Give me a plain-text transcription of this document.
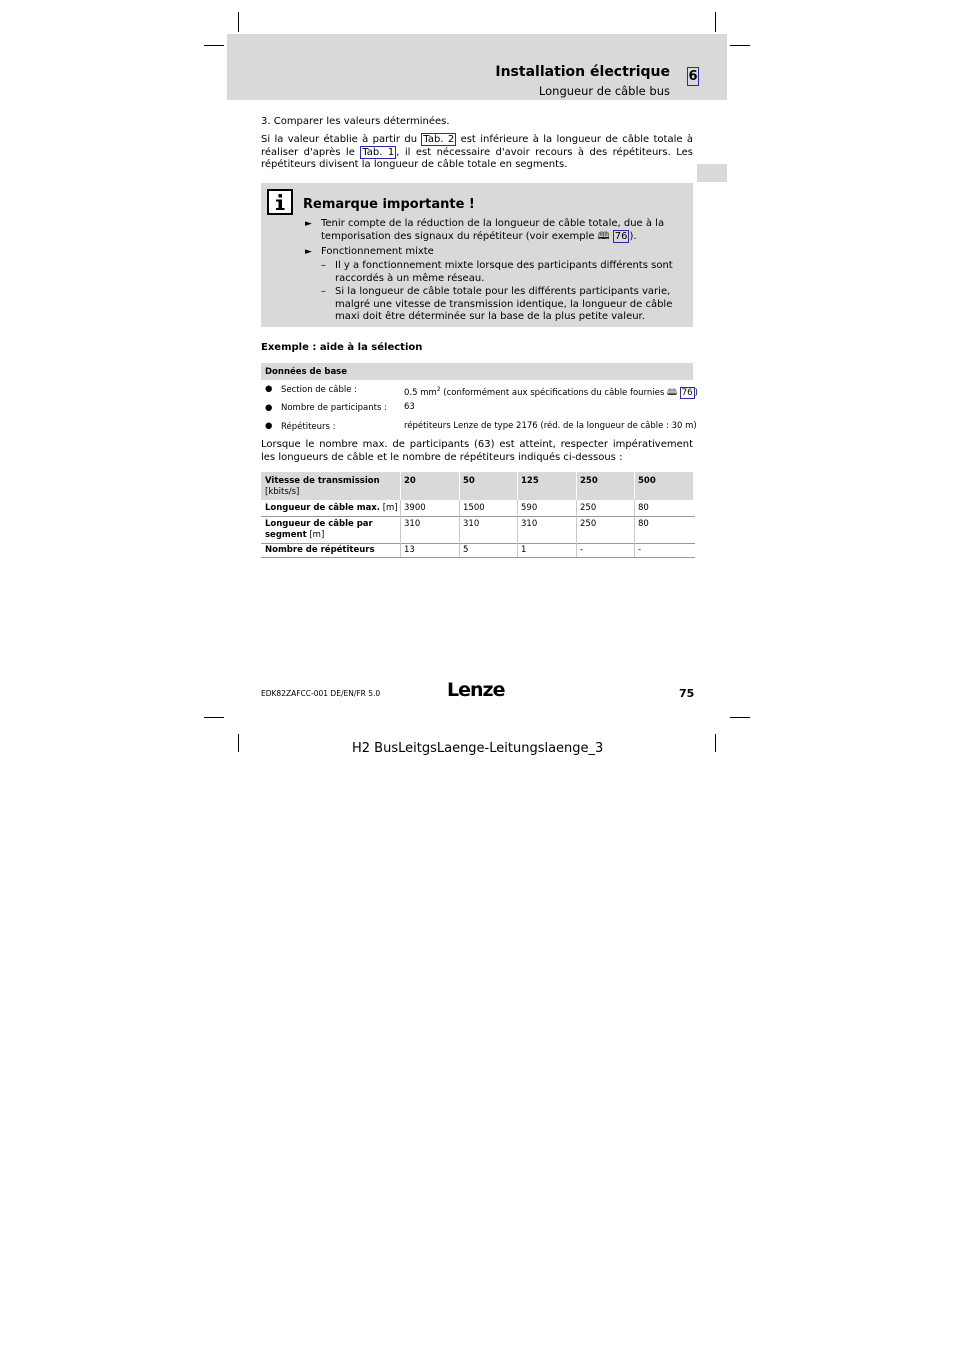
Installation électrique
Longueur de câble bus
6
3. Comparer les valeurs déterminées.
Si la valeur établie à partir du Tab. 2 est inférieure à la longueur de câble totale à réaliser d'après le Tab. 1 , il est nécessaire d'avoir recours à des répétiteurs. Les répétiteurs divisent la longueur de câble totale en segments.
Remarque importante !
► Tenir compte de la réduction de la longueur de câble totale, due à la temporisation des signaux du répétiteur (voir exemple 🕮 76 ).
► Fonctionnement mixte
– Il y a fonctionnement mixte lorsque des participants différents sont raccordés à un même réseau.
– Si la longueur de câble totale pour les différents participants varie, malgré une vitesse de transmission identique, la longueur de câble maxi doit être déterminée sur la base de la plus petite valeur.
Exemple : aide à la sélection
Données de base
● Section de câble :	0.5 $mm^2$ (conformément aux spécifications du câble fournies 🕮 76 )
● Nombre de participants : 63
● Répétiteurs :	répétiteurs Lenze de type 2176 (réd. de la longueur de câble : 30 m)
Lorsque le nombre max. de participants (63) est atteint, respecter impérativement les longueurs de câble et le nombre de répétiteurs indiqués ci-dessous :
Vitesse de transmission
[kbits/s]
20	50	125	250	500
Longueur de câble max. [m] 3900	1500	590	250	80
Longueur de câble par
segment [m]
310	310	310	250	80
Nombre de répétiteurs	13	5	1	-	-
EDK82ZAFCC-001 DE/EN/FR 5.0	Lenze	75
H2 BusLeitgsLaenge-Leitungslaenge_3
